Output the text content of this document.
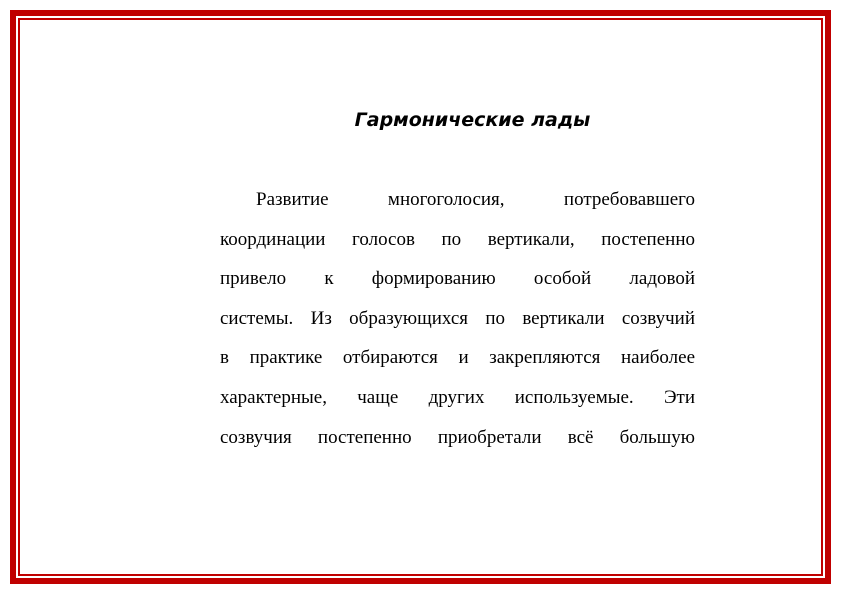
Гармонические лады
Развитие многоголосия, потребовавшего
координации голосов по вертикали, постепенно
привело к формированию особой ладовой
системы. Из образующихся по вертикали созвучий
в практике отбираются и закрепляются наиболее
характерные, чаще других используемые. Эти
созвучия постепенно приобретали всё большую
